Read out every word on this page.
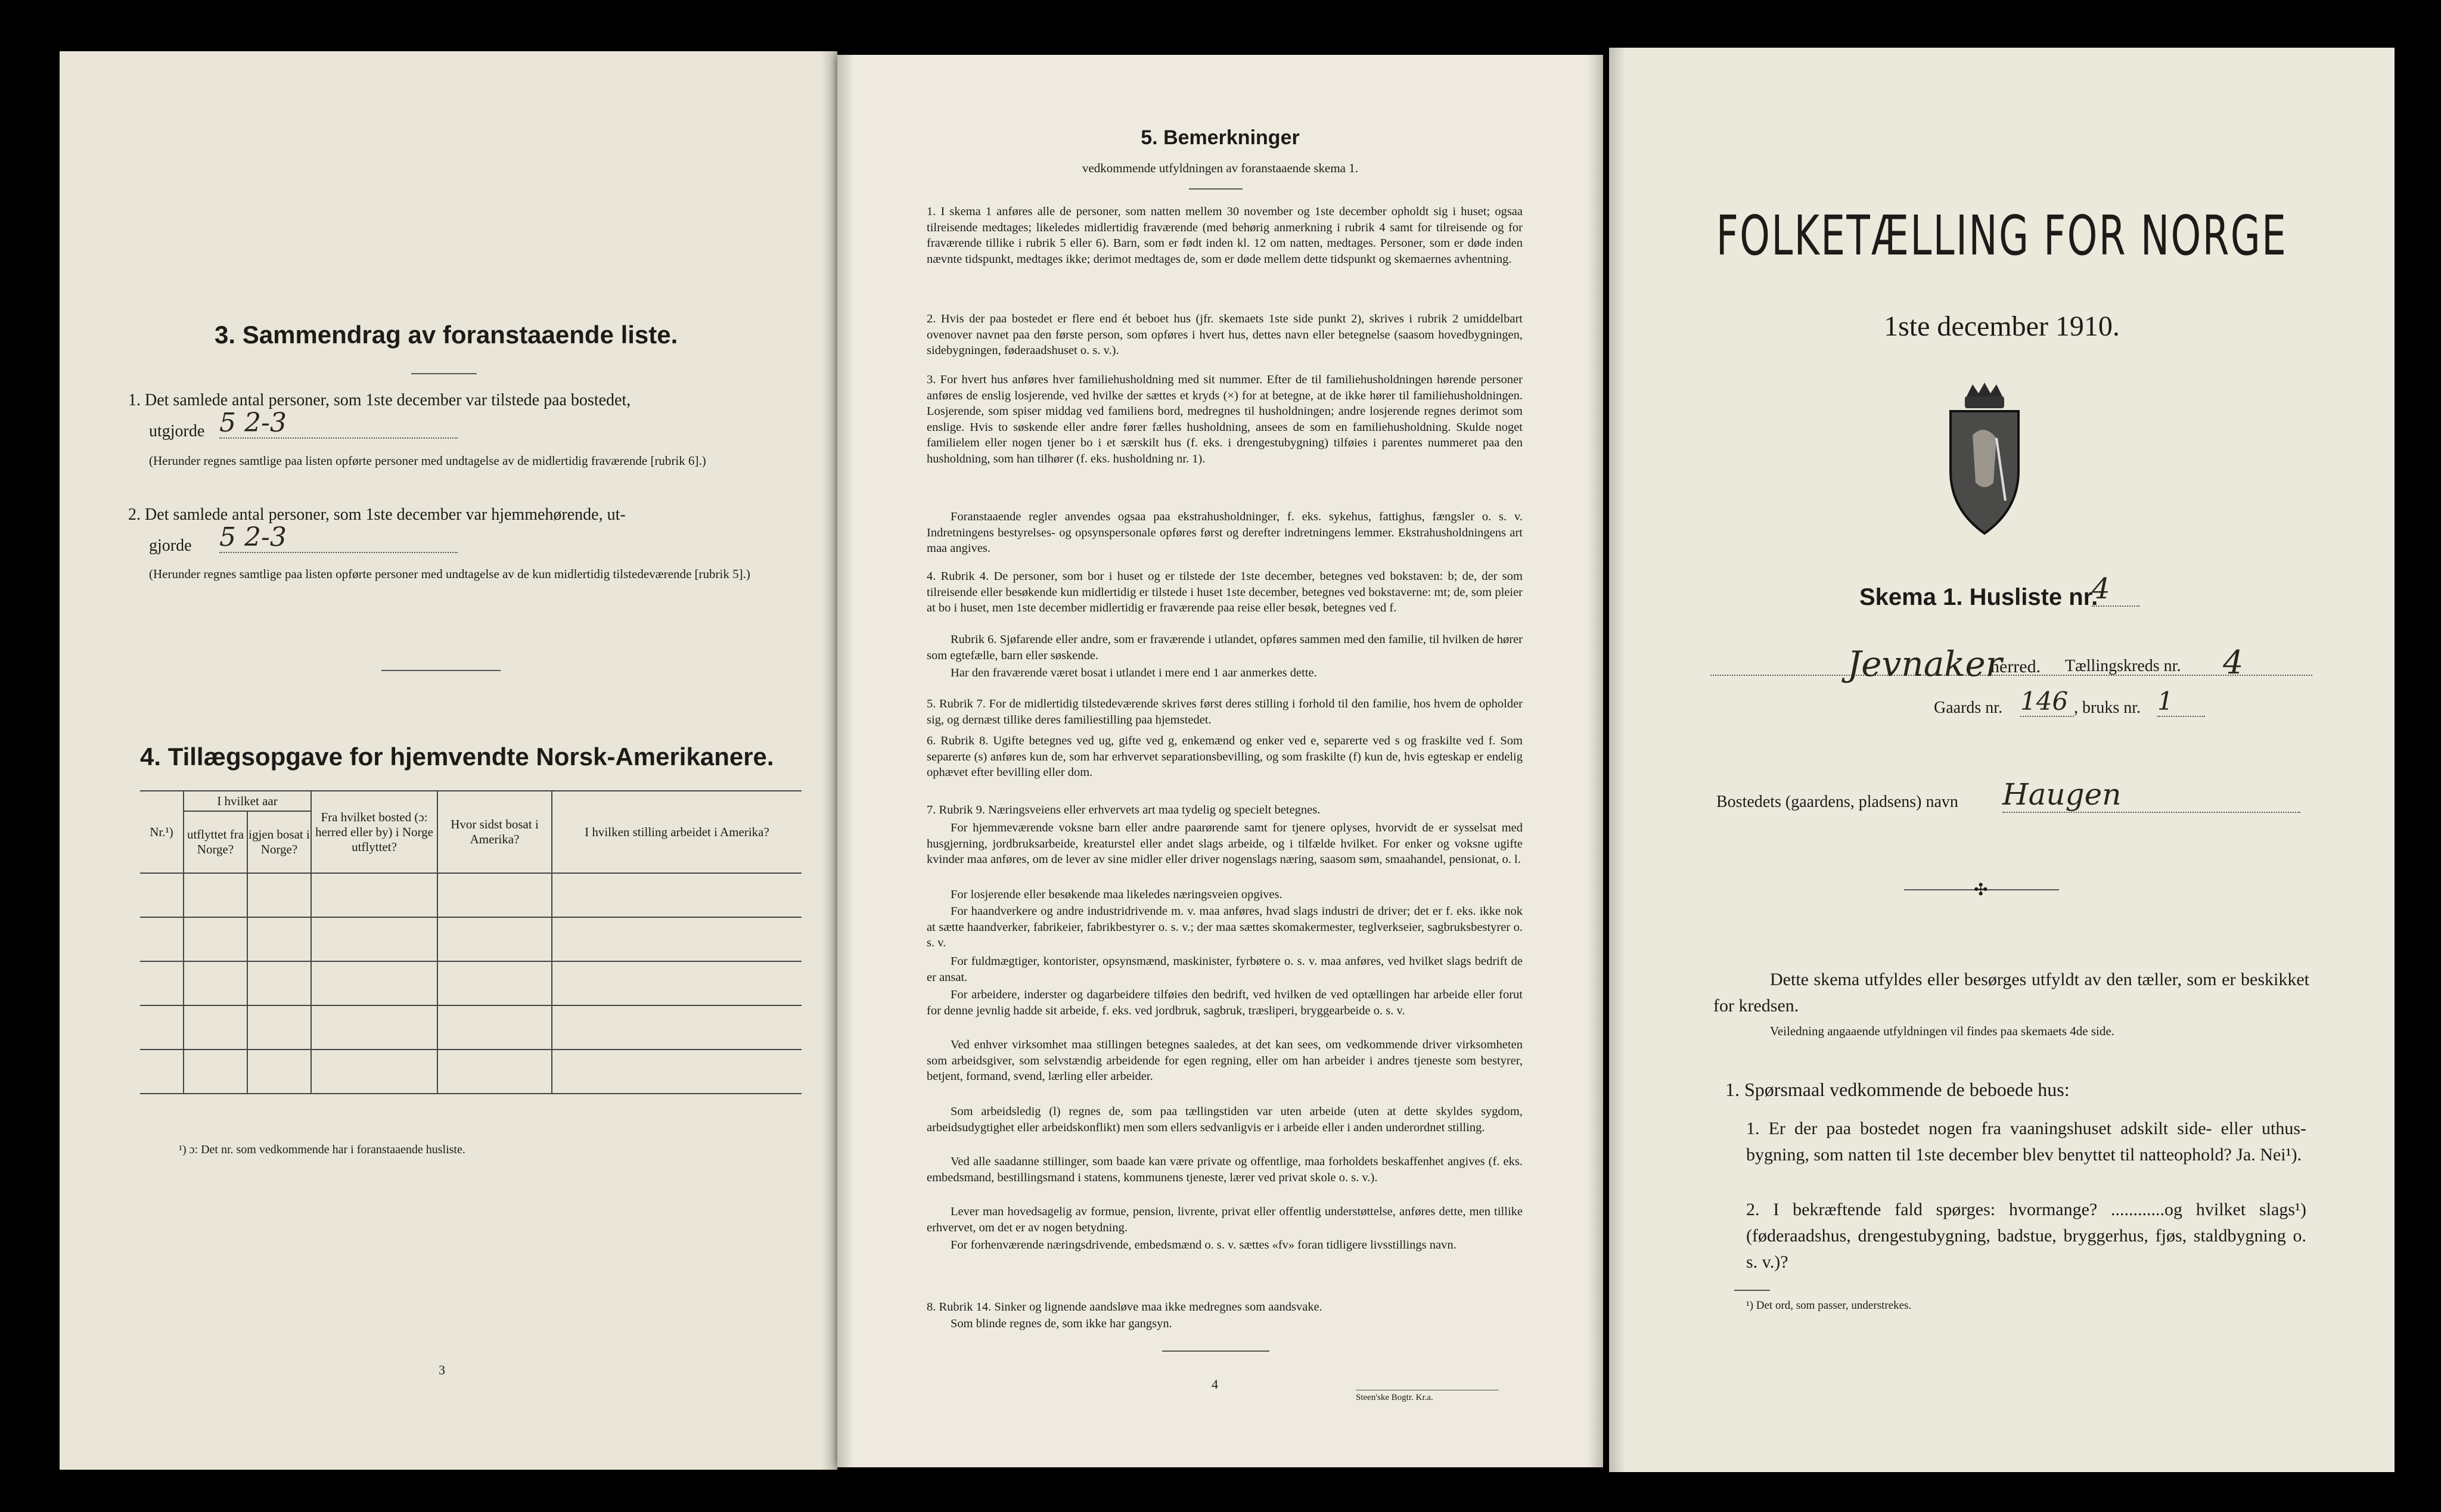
3. Sammendrag av foranstaaende liste.
1. Det samlede antal personer, som 1ste december var tilstede paa bostedet,
utgjorde 5 2-3
(Herunder regnes samtlige paa listen opførte personer med undtagelse av de midlertidig fraværende [rubrik 6].)
2. Det samlede antal personer, som 1ste december var hjemmehørende, ut-
gjorde 5 2-3
(Herunder regnes samtlige paa listen opførte personer med undtagelse av de kun midlertidig tilstedeværende [rubrik 5].)
4. Tillægsopgave for hjemvendte Norsk-Amerikanere.
Nr.¹)	I hvilket aar		Fra hvilket bosted (ɔ: herred eller by) i Norge utflyttet?	Hvor sidst bosat i Amerika?	I hvilken stilling arbeidet i Amerika?
	utflyttet fra Norge?	igjen bosat i Norge?			

¹) ɔ: Det nr. som vedkommende har i foranstaaende husliste.
3
5. Bemerkninger
vedkommende utfyldningen av foranstaaende skema 1.
1. I skema 1 anføres alle de personer, som natten mellem 30 november og 1ste december opholdt sig i huset; ogsaa tilreisende medtages; likeledes midlertidig fraværende (med behørig anmerkning i rubrik 4 samt for tilreisende og for fraværende tillike i rubrik 5 eller 6). Barn, som er født inden kl. 12 om natten, medtages. Personer, som er døde inden nævnte tidspunkt, medtages ikke; derimot medtages de, som er døde mellem dette tidspunkt og skemaernes avhentning.
2. Hvis der paa bostedet er flere end ét beboet hus (jfr. skemaets 1ste side punkt 2), skrives i rubrik 2 umiddelbart ovenover navnet paa den første person, som opføres i hvert hus, dettes navn eller betegnelse (saasom hovedbygningen, sidebygningen, føderaadshuset o. s. v.).
3. For hvert hus anføres hver familiehusholdning med sit nummer. Efter de til familiehusholdningen hørende personer anføres de enslig losjerende, ved hvilke der sættes et kryds (×) for at betegne, at de ikke hører til familiehusholdningen. Losjerende, som spiser middag ved familiens bord, medregnes til husholdningen; andre losjerende regnes derimot som enslige. Hvis to søskende eller andre fører fælles husholdning, ansees de som en familiehusholdning. Skulde noget familielem eller nogen tjener bo i et særskilt hus (f. eks. i drengestubygning) tilføies i parentes nummeret paa den husholdning, som han tilhører (f. eks. husholdning nr. 1).
Foranstaaende regler anvendes ogsaa paa ekstrahusholdninger, f. eks. sykehus, fattighus, fængsler o. s. v. Indretningens bestyrelses- og opsynspersonale opføres først og derefter indretningens lemmer. Ekstrahusholdningens art maa angives.
4. Rubrik 4. De personer, som bor i huset og er tilstede der 1ste december, betegnes ved bokstaven: b; de, der som tilreisende eller besøkende kun midlertidig er tilstede i huset 1ste december, betegnes ved bokstaverne: mt; de, som pleier at bo i huset, men 1ste december midlertidig er fraværende paa reise eller besøk, betegnes ved f.
Rubrik 6. Sjøfarende eller andre, som er fraværende i utlandet, opføres sammen med den familie, til hvilken de hører som egtefælle, barn eller søskende.
Har den fraværende været bosat i utlandet i mere end 1 aar anmerkes dette.
5. Rubrik 7. For de midlertidig tilstedeværende skrives først deres stilling i forhold til den familie, hos hvem de opholder sig, og dernæst tillike deres familiestilling paa hjemstedet.
6. Rubrik 8. Ugifte betegnes ved ug, gifte ved g, enkemænd og enker ved e, separerte ved s og fraskilte ved f. Som separerte (s) anføres kun de, som har erhvervet separationsbevilling, og som fraskilte (f) kun de, hvis egteskap er endelig ophævet efter bevilling eller dom.
7. Rubrik 9. Næringsveiens eller erhvervets art maa tydelig og specielt betegnes.
For hjemmeværende voksne barn eller andre paarørende samt for tjenere oplyses, hvorvidt de er sysselsat med husgjerning, jordbruksarbeide, kreaturstel eller andet slags arbeide, og i tilfælde hvilket. For enker og voksne ugifte kvinder maa anføres, om de lever av sine midler eller driver nogenslags næring, saasom søm, smaahandel, pensionat, o. l.
For losjerende eller besøkende maa likeledes næringsveien opgives.
For haandverkere og andre industridrivende m. v. maa anføres, hvad slags industri de driver; det er f. eks. ikke nok at sætte haandverker, fabrikeier, fabrikbestyrer o. s. v.; der maa sættes skomakermester, teglverkseier, sagbruksbestyrer o. s. v.
For fuldmægtiger, kontorister, opsynsmænd, maskinister, fyrbøtere o. s. v. maa anføres, ved hvilket slags bedrift de er ansat.
For arbeidere, inderster og dagarbeidere tilføies den bedrift, ved hvilken de ved optællingen har arbeide eller forut for denne jevnlig hadde sit arbeide, f. eks. ved jordbruk, sagbruk, træsliperi, bryggearbeide o. s. v.
Ved enhver virksomhet maa stillingen betegnes saaledes, at det kan sees, om vedkommende driver virksomheten som arbeidsgiver, som selvstændig arbeidende for egen regning, eller om han arbeider i andres tjeneste som bestyrer, betjent, formand, svend, lærling eller arbeider.
Som arbeidsledig (l) regnes de, som paa tællingstiden var uten arbeide (uten at dette skyldes sygdom, arbeidsudygtighet eller arbeidskonflikt) men som ellers sedvanligvis er i arbeide eller i anden underordnet stilling.
Ved alle saadanne stillinger, som baade kan være private og offentlige, maa forholdets beskaffenhet angives (f. eks. embedsmand, bestillingsmand i statens, kommunens tjeneste, lærer ved privat skole o. s. v.).
Lever man hovedsagelig av formue, pension, livrente, privat eller offentlig understøttelse, anføres dette, men tillike erhvervet, om det er av nogen betydning.
For forhenværende næringsdrivende, embedsmænd o. s. v. sættes «fv» foran tidligere livsstillings navn.
8. Rubrik 14. Sinker og lignende aandsløve maa ikke medregnes som aandsvake.
Som blinde regnes de, som ikke har gangsyn.
4
Steen'ske Bogtr. Kr.a.
FOLKETÆLLING FOR NORGE
1ste december 1910.
Skema 1. Husliste nr.
4
Jevnaker
herred. Tællingskreds nr. 4
Gaards nr. 146 , bruks nr. 1
Bostedets (gaardens, pladsens) navn Haugen
✣
Dette skema utfyldes eller besørges utfyldt av den tæller, som er beskikket for kredsen.
Veiledning angaaende utfyldningen vil findes paa skemaets 4de side.
1. Spørsmaal vedkommende de beboede hus:
1. Er der paa bostedet nogen fra vaaningshuset adskilt side- eller uthus-bygning, som natten til 1ste december blev benyttet til natteophold? Ja. Nei¹).
2. I bekræftende fald spørges: hvormange? ............og hvilket slags¹) (føderaadshus, drengestubygning, badstue, bryggerhus, fjøs, staldbygning o. s. v.)?
¹) Det ord, som passer, understrekes.
